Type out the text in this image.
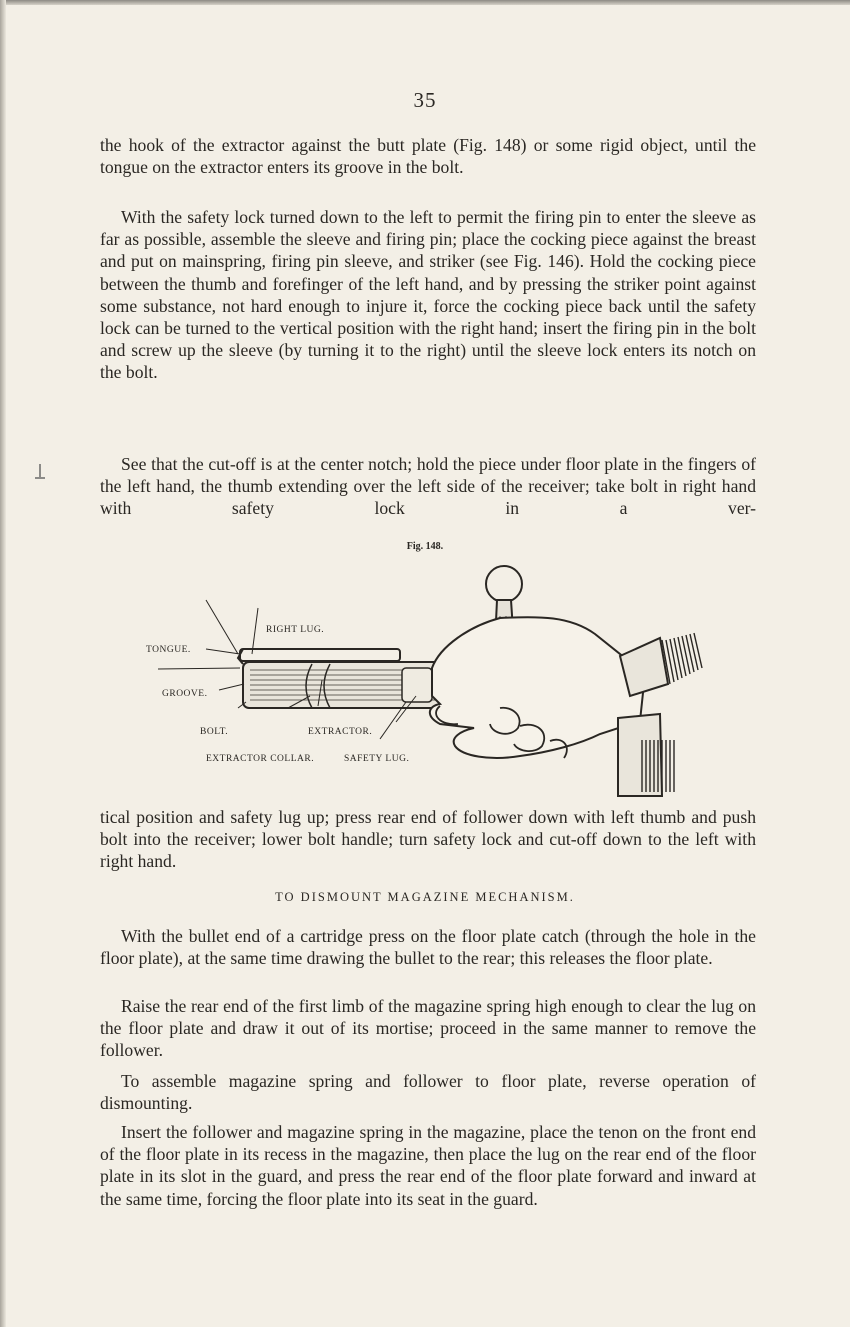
35

the hook of the extractor against the butt plate (Fig. 148) or some rigid object, until the tongue on the extractor enters its groove in the bolt.

With the safety lock turned down to the left to permit the firing pin to enter the sleeve as far as possible, assemble the sleeve and firing pin; place the cocking piece against the breast and put on mainspring, firing pin sleeve, and striker (see Fig. 146). Hold the cocking piece between the thumb and forefinger of the left hand, and by pressing the striker point against some substance, not hard enough to injure it, force the cocking piece back until the safety lock can be turned to the vertical position with the right hand; insert the firing pin in the bolt and screw up the sleeve (by turning it to the right) until the sleeve lock enters its notch on the bolt.

See that the cut-off is at the center notch; hold the piece under floor plate in the fingers of the left hand, the thumb extending over the left side of the receiver; take bolt in right hand with safety lock in a ver-

Fig. 148.
RIGHT LUG.
TONGUE.
GROOVE.
BOLT.	EXTRACTOR.
EXTRACTOR COLLAR.	SAFETY LUG.
TO DISMOUNT MAGAZINE MECHANISM.

tical position and safety lug up; press rear end of follower down with left thumb and push bolt into the receiver; lower bolt handle; turn safety lock and cut-off down to the left with right hand.

With the bullet end of a cartridge press on the floor plate catch (through the hole in the floor plate), at the same time drawing the bullet to the rear; this releases the floor plate.

Raise the rear end of the first limb of the magazine spring high enough to clear the lug on the floor plate and draw it out of its mortise; proceed in the same manner to remove the follower.

To assemble magazine spring and follower to floor plate, reverse operation of dismounting.

Insert the follower and magazine spring in the magazine, place the tenon on the front end of the floor plate in its recess in the magazine, then place the lug on the rear end of the floor plate in its slot in the guard, and press the rear end of the floor plate forward and inward at the same time, forcing the floor plate into its seat in the guard.
